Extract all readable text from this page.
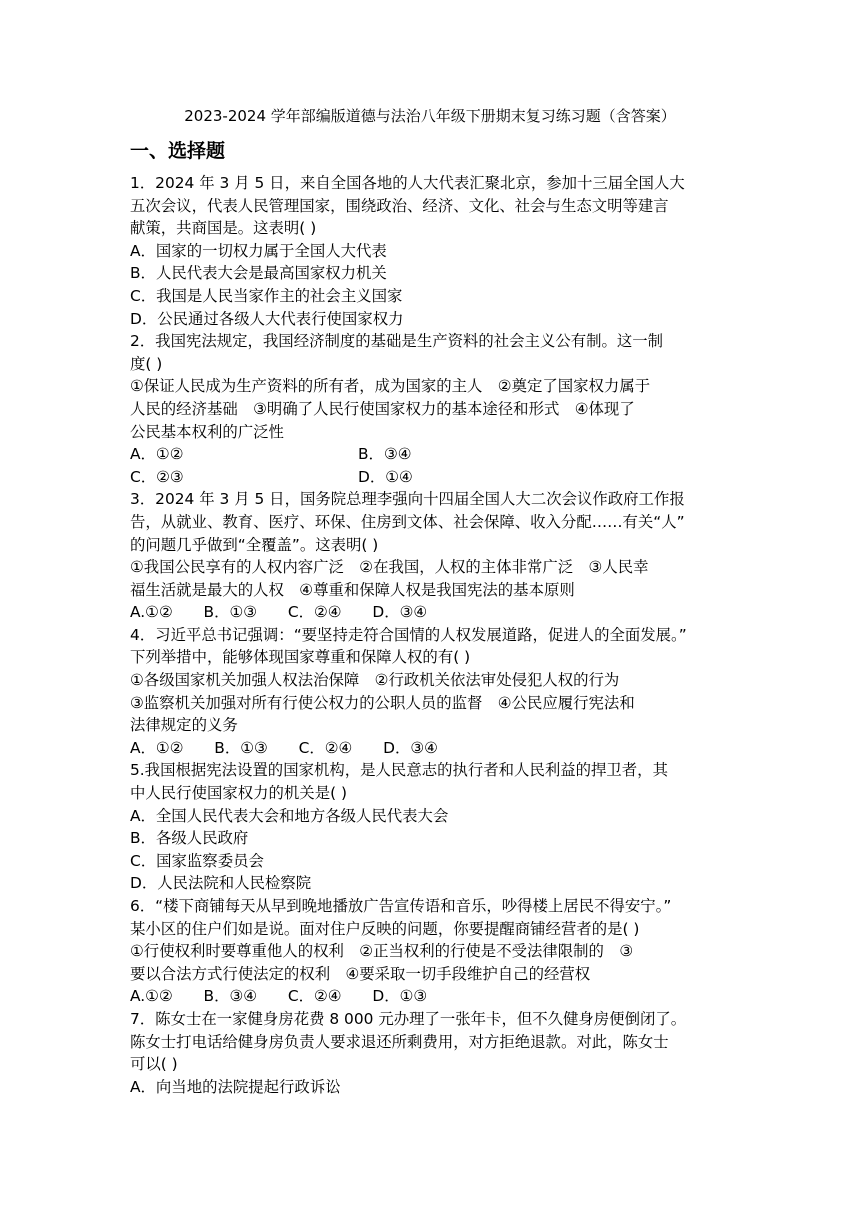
2023-2024 学年部编版道德与法治八年级下册期末复习练习题（含答案）
一、选择题
1．2024 年 3 月 5 日，来自全国各地的人大代表汇聚北京，参加十三届全国人大
五次会议，代表人民管理国家，围绕政治、经济、文化、社会与生态文明等建言
献策，共商国是。这表明( )
A．国家的一切权力属于全国人大代表
B．人民代表大会是最高国家权力机关
C．我国是人民当家作主的社会主义国家
D．公民通过各级人大代表行使国家权力
2．我国宪法规定，我国经济制度的基础是生产资料的社会主义公有制。这一制
度( )
①保证人民成为生产资料的所有者，成为国家的主人　②奠定了国家权力属于
人民的经济基础　③明确了人民行使国家权力的基本途径和形式　④体现了
公民基本权利的广泛性
A．①②	B．③④
C．②③	D．①④
3．2024 年 3 月 5 日，国务院总理李强向十四届全国人大二次会议作政府工作报
告，从就业、教育、医疗、环保、住房到文体、社会保障、收入分配……有关“人”
的问题几乎做到“全覆盖”。这表明( )
①我国公民享有的人权内容广泛　②在我国，人权的主体非常广泛　③人民幸
福生活就是最大的人权　④尊重和保障人权是我国宪法的基本原则
A.①②　　B．①③　　C．②④　　D．③④
4．习近平总书记强调：“要坚持走符合国情的人权发展道路，促进人的全面发展。”
下列举措中，能够体现国家尊重和保障人权的有( )
①各级国家机关加强人权法治保障　②行政机关依法审处侵犯人权的行为
③监察机关加强对所有行使公权力的公职人员的监督　④公民应履行宪法和
法律规定的义务
A．①②　　B．①③　　C．②④　　D．③④
5.我国根据宪法设置的国家机构，是人民意志的执行者和人民利益的捍卫者，其
中人民行使国家权力的机关是( )
A．全国人民代表大会和地方各级人民代表大会
B．各级人民政府
C．国家监察委员会
D．人民法院和人民检察院
6．“楼下商铺每天从早到晚地播放广告宣传语和音乐，吵得楼上居民不得安宁。”
某小区的住户们如是说。面对住户反映的问题，你要提醒商铺经营者的是( )
①行使权利时要尊重他人的权利　②正当权利的行使是不受法律限制的　③
要以合法方式行使法定的权利　④要采取一切手段维护自己的经营权
A.①②　　B．③④　　C．②④　　D．①③
7．陈女士在一家健身房花费 8 000 元办理了一张年卡，但不久健身房便倒闭了。
陈女士打电话给健身房负责人要求退还所剩费用，对方拒绝退款。对此，陈女士
可以( )
A．向当地的法院提起行政诉讼
